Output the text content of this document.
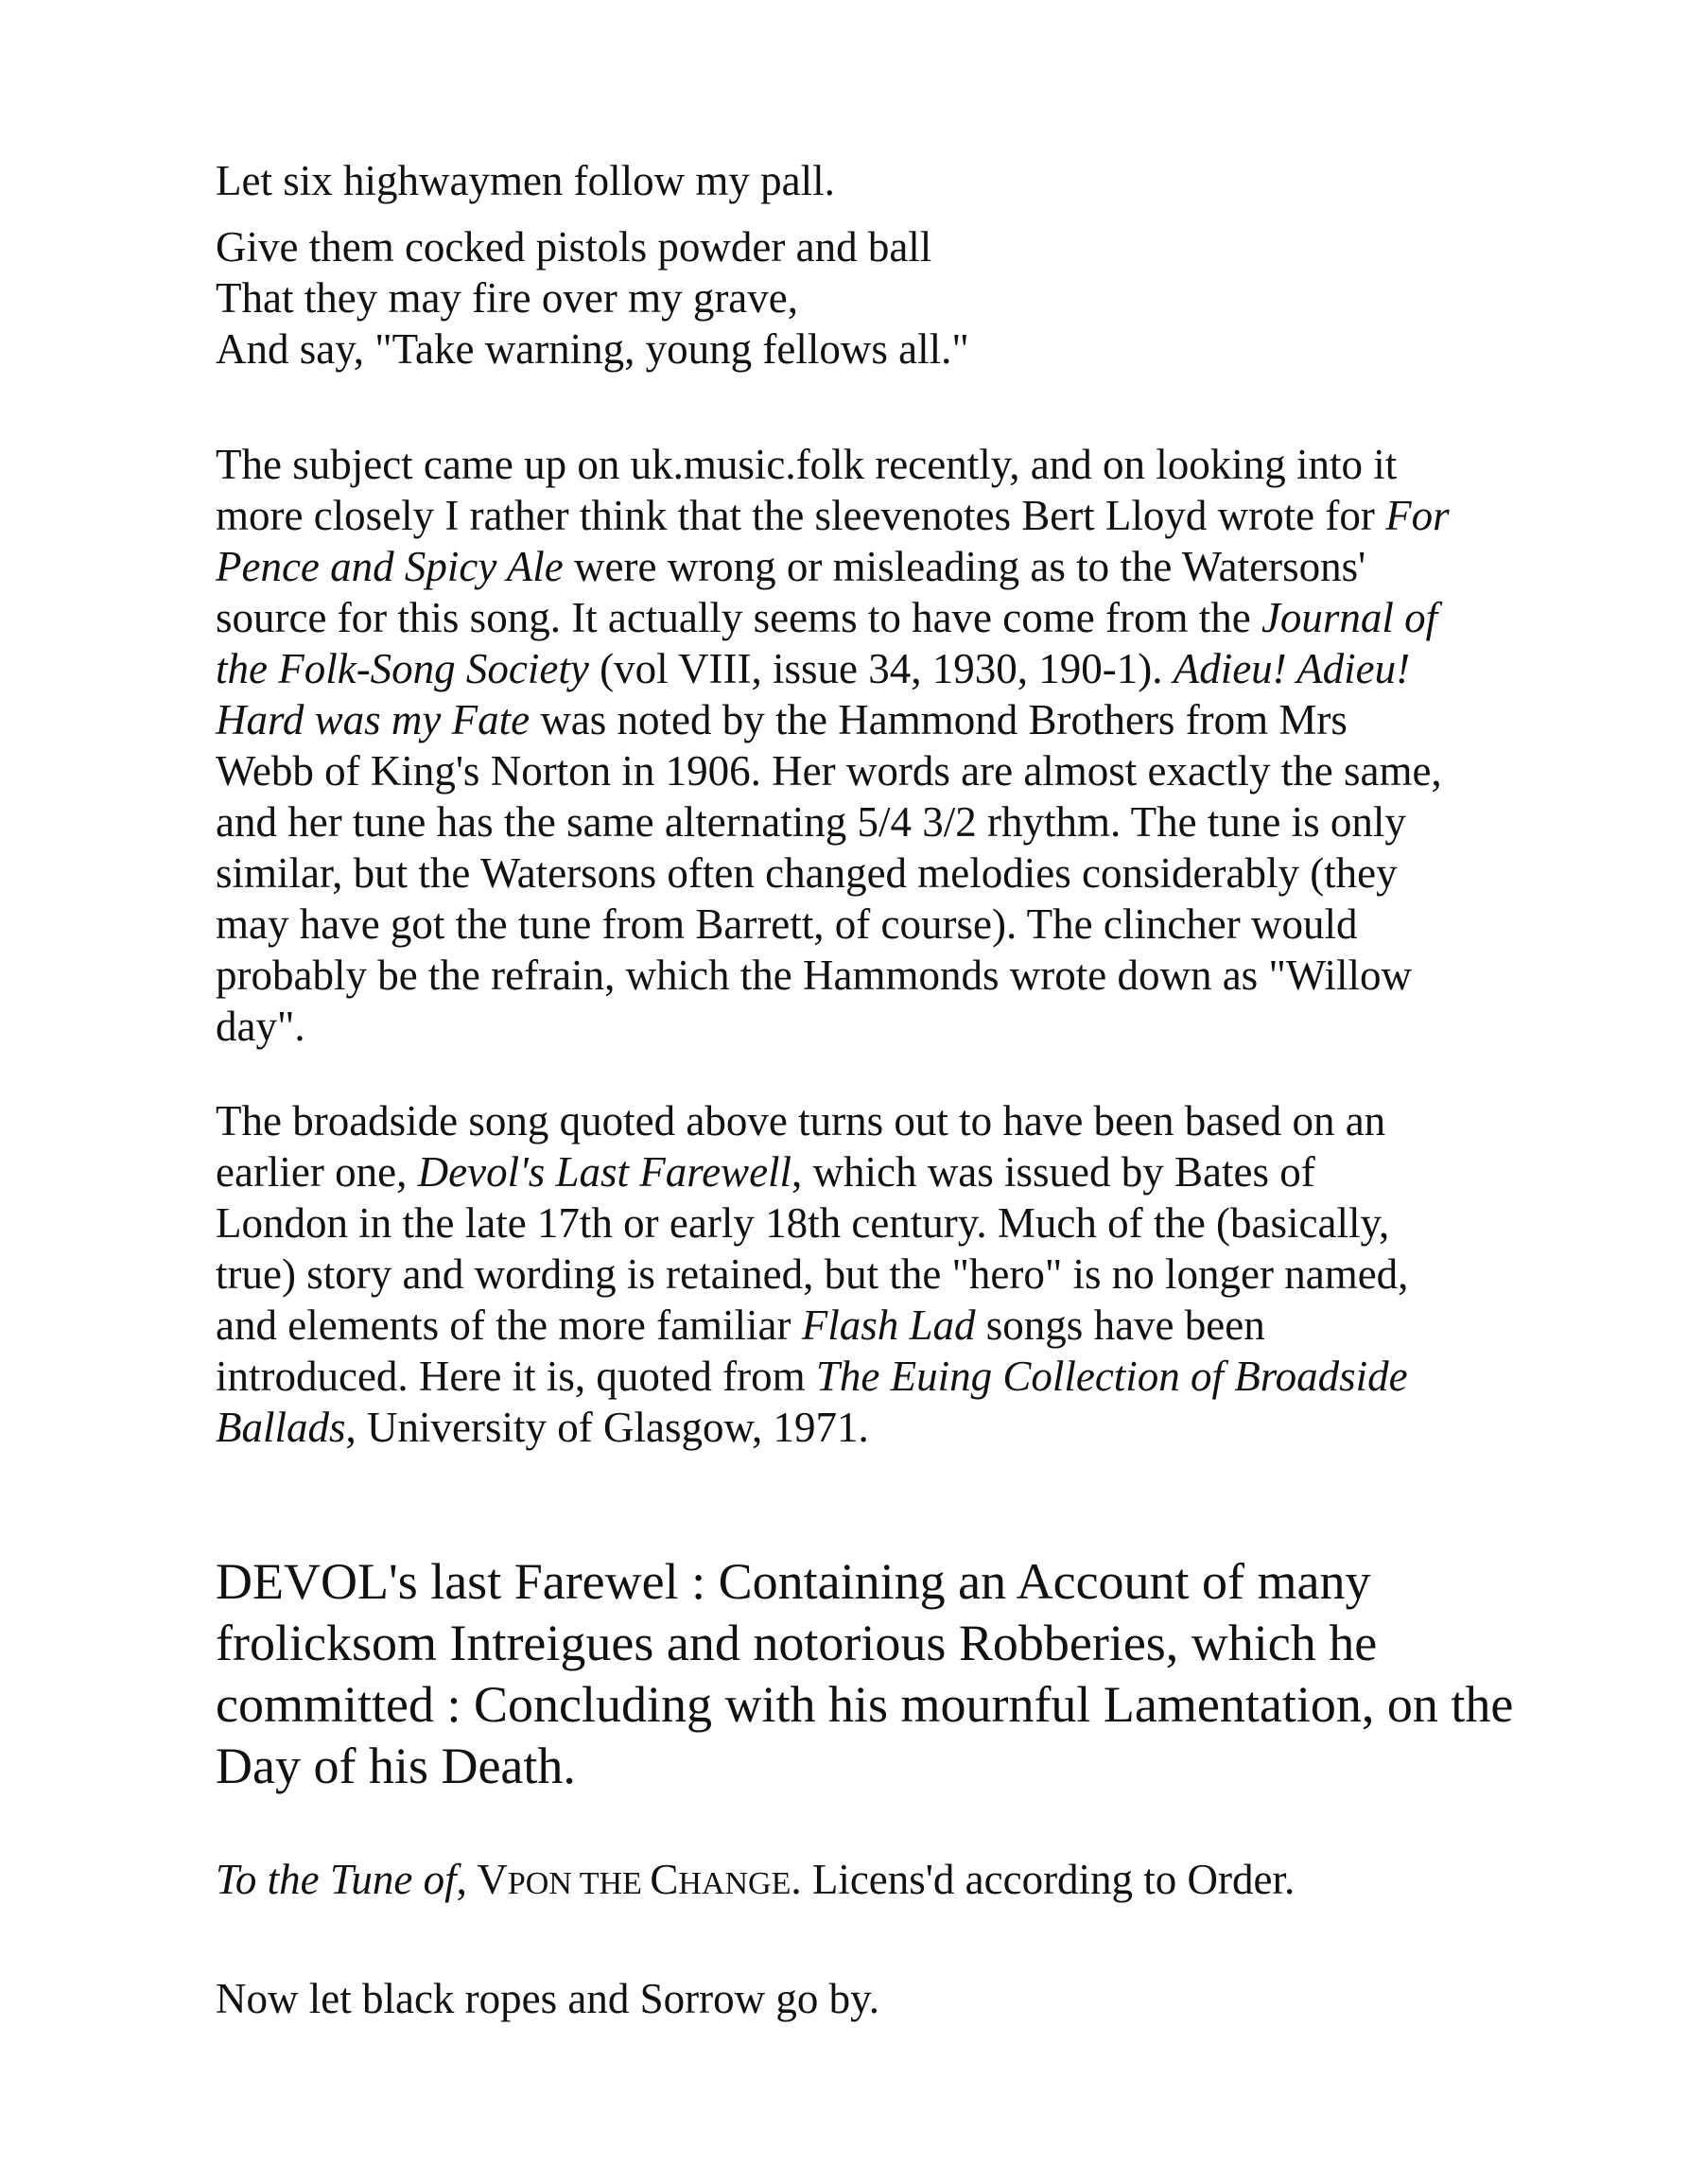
Let six highwaymen follow my pall.

Give them cocked pistols powder and ball
That they may fire over my grave,
And say, "Take warning, young fellows all."

The subject came up on uk.music.folk recently, and on looking into it
more closely I rather think that the sleevenotes Bert Lloyd wrote for For
Pence and Spicy Ale were wrong or misleading as to the Watersons'
source for this song. It actually seems to have come from the Journal of
the Folk-Song Society (vol VIII, issue 34, 1930, 190-1). Adieu! Adieu!
Hard was my Fate was noted by the Hammond Brothers from Mrs
Webb of King's Norton in 1906. Her words are almost exactly the same,
and her tune has the same alternating 5/4 3/2 rhythm. The tune is only
similar, but the Watersons often changed melodies considerably (they
may have got the tune from Barrett, of course). The clincher would
probably be the refrain, which the Hammonds wrote down as "Willow
day".

The broadside song quoted above turns out to have been based on an
earlier one, Devol's Last Farewell, which was issued by Bates of
London in the late 17th or early 18th century. Much of the (basically,
true) story and wording is retained, but the "hero" is no longer named,
and elements of the more familiar Flash Lad songs have been
introduced. Here it is, quoted from The Euing Collection of Broadside
Ballads, University of Glasgow, 1971.

DEVOL's last Farewel : Containing an Account of many
frolicksom Intreigues and notorious Robberies, which he
committed : Concluding with his mournful Lamentation, on the
Day of his Death.

To the Tune of, VPON THE CHANGE. Licens'd according to Order.

Now let black ropes and Sorrow go by.
